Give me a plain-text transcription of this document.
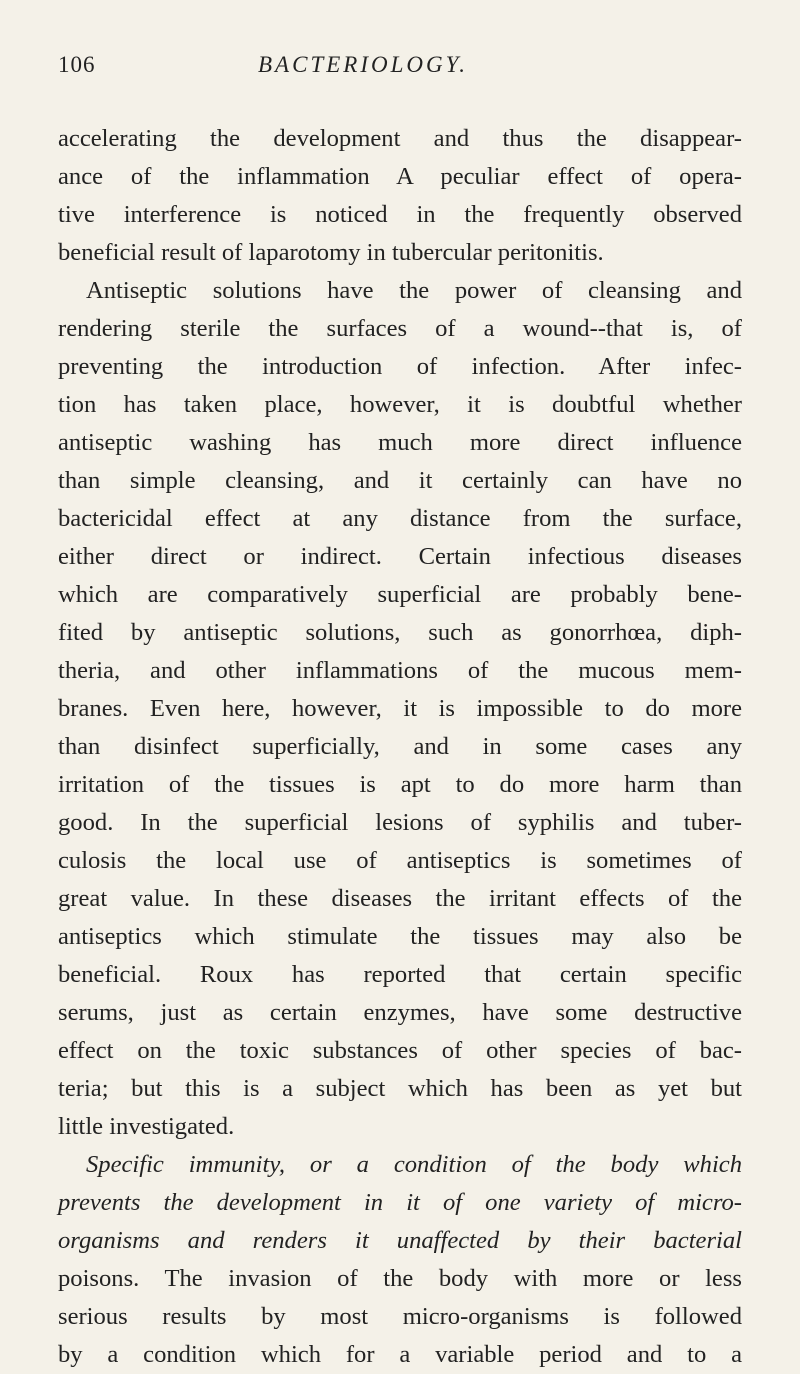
106	BACTERIOLOGY.
accelerating the development and thus the disappear-
ance of the inflammation A peculiar effect of opera-
tive interference is noticed in the frequently observed
beneficial result of laparotomy in tubercular peritonitis.
Antiseptic solutions have the power of cleansing and
rendering sterile the surfaces of a wound--that is, of
preventing the introduction of infection. After infec-
tion has taken place, however, it is doubtful whether
antiseptic washing has much more direct influence
than simple cleansing, and it certainly can have no
bactericidal effect at any distance from the surface,
either direct or indirect. Certain infectious diseases
which are comparatively superficial are probably bene-
fited by antiseptic solutions, such as gonorrhœa, diph-
theria, and other inflammations of the mucous mem-
branes. Even here, however, it is impossible to do more
than disinfect superficially, and in some cases any
irritation of the tissues is apt to do more harm than
good. In the superficial lesions of syphilis and tuber-
culosis the local use of antiseptics is sometimes of
great value. In these diseases the irritant effects of the
antiseptics which stimulate the tissues may also be
beneficial. Roux has reported that certain specific
serums, just as certain enzymes, have some destructive
effect on the toxic substances of other species of bac-
teria; but this is a subject which has been as yet but
little investigated.
Specific immunity, or a condition of the body which
prevents the development in it of one variety of micro-
organisms and renders it unaffected by their bacterial
poisons. The invasion of the body with more or less
serious results by most micro-organisms is followed
by a condition which for a variable period and to a
